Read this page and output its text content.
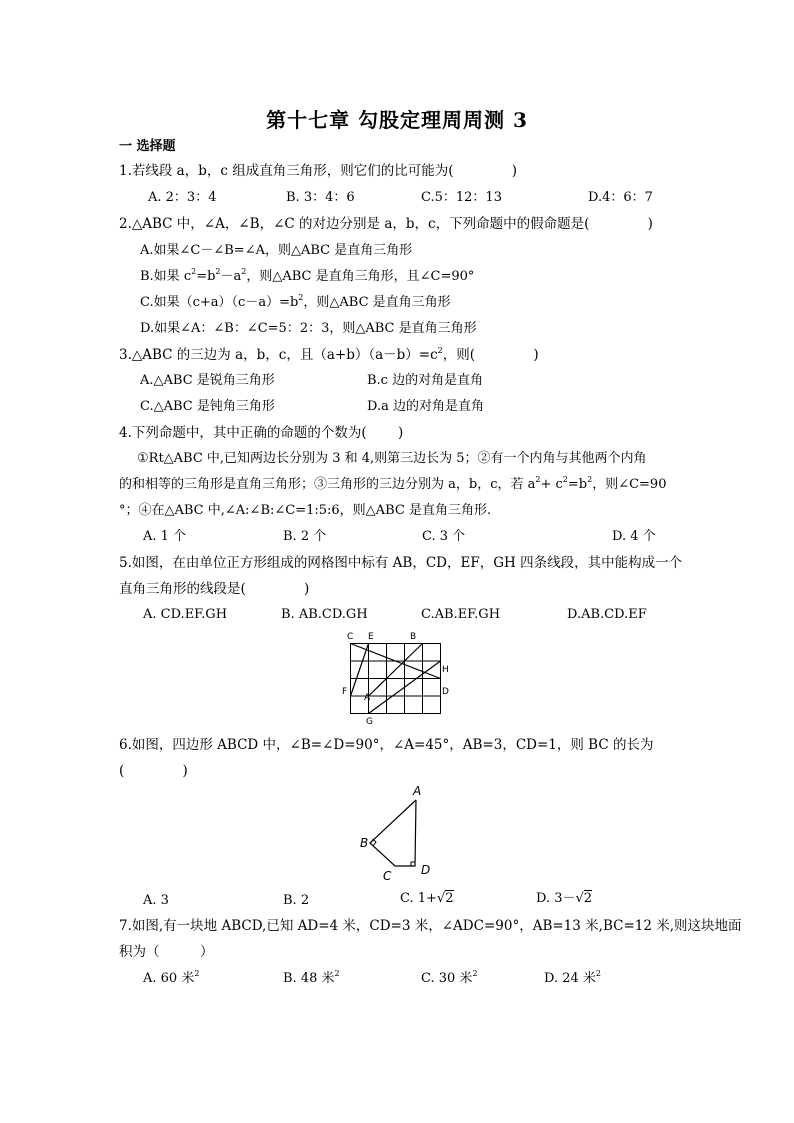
第十七章 勾股定理周周测 3
一 选择题
1.若线段 a，b，c 组成直角三角形，则它们的比可能为(　　　　 )
A. 2：3：4	B. 3：4：6	C.5：12：13	D.4：6：7
2.△ABC 中，∠A，∠B，∠C 的对边分别是 a，b，c，下列命题中的假命题是(　　　　 )
A.如果∠C－∠B=∠A，则△ABC 是直角三角形
B.如果 $c^2=b^2-a^2$，则△ABC 是直角三角形，且∠C=90°
C.如果$(c+a)(c-a)=b^2$，则△ABC 是直角三角形
D.如果∠A：∠B：∠C=5：2：3，则△ABC 是直角三角形
3.△ABC 的三边为 a，b，c，且$(a+b)(a-b)=c^2$，则(　　　　 )
A.△ABC 是锐角三角形	B.c 边的对角是直角
C.△ABC 是钝角三角形	D.a 边的对角是直角
4.下列命题中，其中正确的命题的个数为(　　 )
①Rt△ABC 中,已知两边长分别为 3 和 4,则第三边长为 5；②有一个内角与其他两个内角
的和相等的三角形是直角三角形；③三角形的三边分别为 a，b，c，若 $a^2+ c^2=b^2$，则∠C=90
°；④在△ABC 中,∠A:∠B:∠C=1:5:6，则△ABC 是直角三角形.
A. 1 个	B. 2 个	C. 3 个	D. 4 个
5.如图，在由单位正方形组成的网格图中标有 AB，CD，EF，GH 四条线段，其中能构成一个
直角三角形的线段是(　　　　 )
A. CD.EF.GH	B. AB.CD.GH	C.AB.EF.GH	D.AB.CD.EF
C E	B
H
F
A
D
G
6.如图，四边形 ABCD 中，∠B=∠D=90°，∠A=45°，AB=3，CD=1，则 BC 的长为
(　　　　 )
A
B
C D
A. 3	B. 2	C. 1+√2	D. 3－√2
7.如图,有一块地 ABCD,已知 AD=4 米，CD=3 米，∠ADC=90°，AB=13 米,BC=12 米,则这块地面
积为（　　　）
A. 60 米$^2$	B. 48 米$^2$	C. 30 米$^2$	D. 24 米$^2$
